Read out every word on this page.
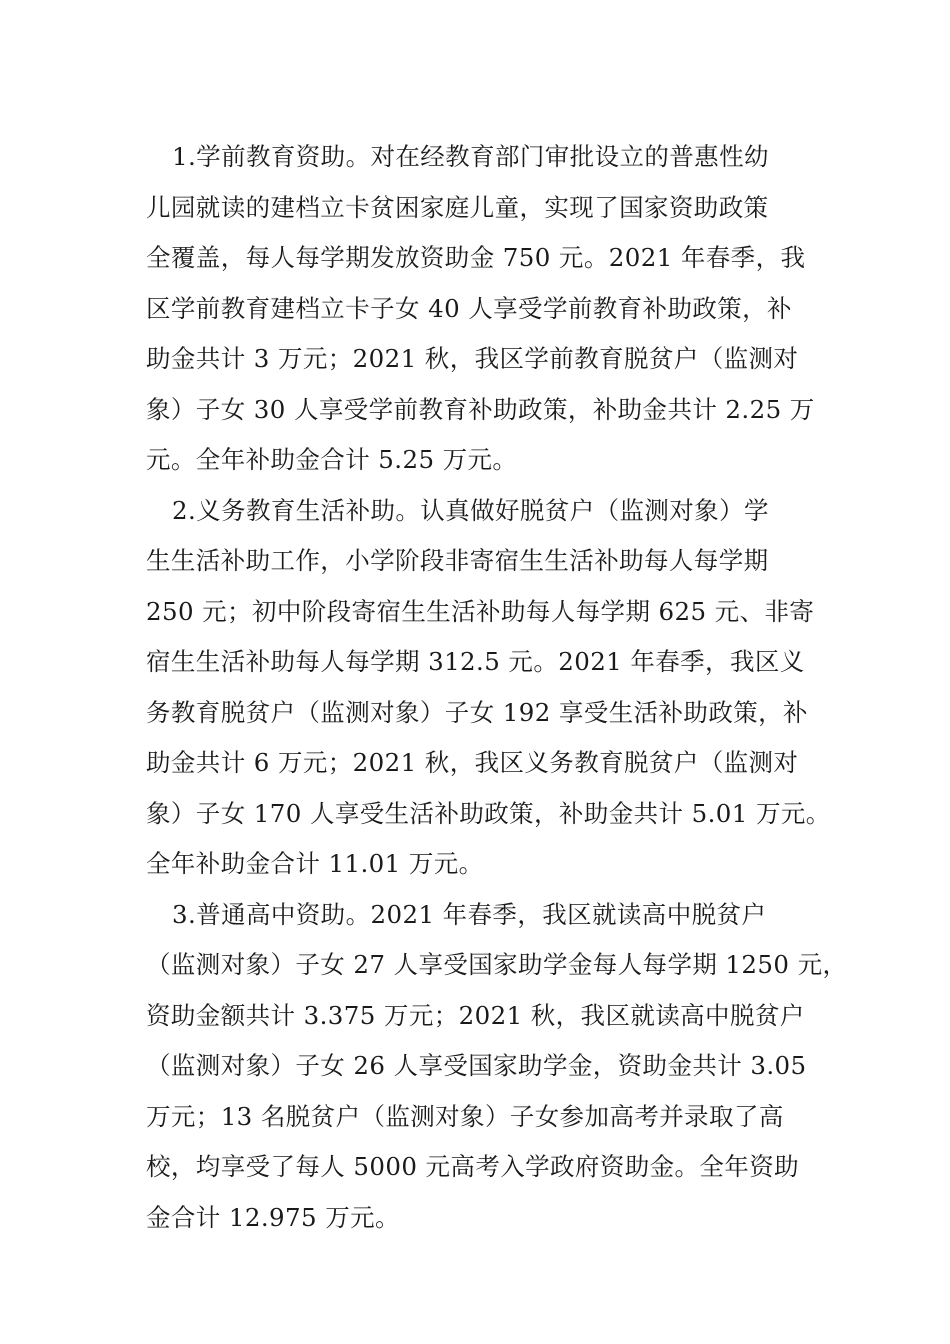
1.学前教育资助。对在经教育部门审批设立的普惠性幼
儿园就读的建档立卡贫困家庭儿童，实现了国家资助政策
全覆盖，每人每学期发放资助金 750 元。2021 年春季，我
区学前教育建档立卡子女 40 人享受学前教育补助政策，补
助金共计 3 万元；2021 秋，我区学前教育脱贫户（监测对
象）子女 30 人享受学前教育补助政策，补助金共计 2.25 万
元。全年补助金合计 5.25 万元。
2.义务教育生活补助。认真做好脱贫户（监测对象）学
生生活补助工作，小学阶段非寄宿生生活补助每人每学期
250 元；初中阶段寄宿生生活补助每人每学期 625 元、非寄
宿生生活补助每人每学期 312.5 元。2021 年春季，我区义
务教育脱贫户（监测对象）子女 192 享受生活补助政策，补
助金共计 6 万元；2021 秋，我区义务教育脱贫户（监测对
象）子女 170 人享受生活补助政策，补助金共计 5.01 万元。
全年补助金合计 11.01 万元。
3.普通高中资助。2021 年春季，我区就读高中脱贫户
（监测对象）子女 27 人享受国家助学金每人每学期 1250 元，
资助金额共计 3.375 万元；2021 秋，我区就读高中脱贫户
（监测对象）子女 26 人享受国家助学金，资助金共计 3.05
万元；13 名脱贫户（监测对象）子女参加高考并录取了高
校，均享受了每人 5000 元高考入学政府资助金。全年资助
金合计 12.975 万元。
